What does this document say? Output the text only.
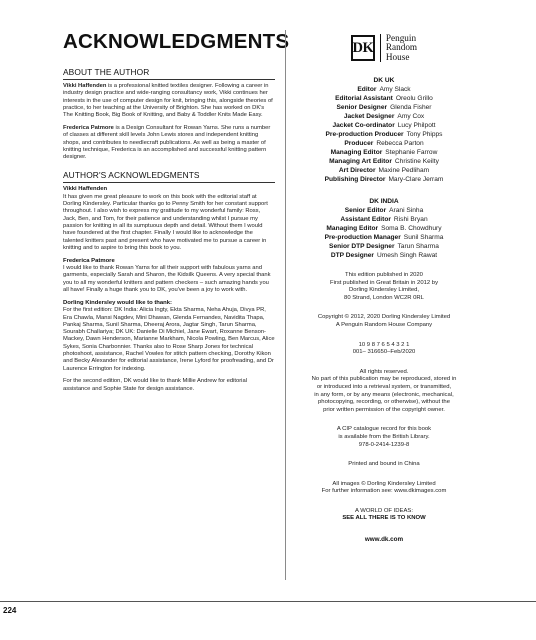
ACKNOWLEDGMENTS
ABOUT THE AUTHOR

Vikki Haffenden is a professional knitted textiles designer. Following a career in industry design practice and wide-ranging consultancy work, Vikki continues her interests in the use of computer design for knit, bringing this, alongside theories of practice, to her teaching at the University of Brighton. She has worked on DK's The Knitting Book, Big Book of Knitting, and Baby & Toddler Knits Made Easy.

Frederica Patmore is a Design Consultant for Rowan Yarns. She runs a number of classes at different skill levels John Lewis stores and independent knitting shops, and contributes to needlecraft publications. As well as being a master of knitting technique, Frederica is an accomplished and successful knitting pattern designer.

AUTHOR'S ACKNOWLEDGMENTS
Vikki Haffenden

It has given me great pleasure to work on this book with the editorial staff at Dorling Kindersley. Particular thanks go to Penny Smith for her constant support throughout. I also wish to express my gratitude to my wonderful family: Ross, Jack, Ben, and Tom, for their patience and understanding whilst I pursue my passion for knitting in all its sumptuous depth and detail. Without them I would have foundered at the first chapter. Finally I would like to acknowledge the talented knitters past and present who have motivated me to pursue a career in knitting and to aspire to bring this book to you.

Frederica Patmore

I would like to thank Rowan Yarns for all their support with fabulous yarns and garments, especially Sarah and Sharon, the Kidsilk Queens. A very special thank you to all my wonderful knitters and pattern checkers – such amazing hands you all have! Finally a huge thank you to DK, you've been a joy to work with.

Dorling Kindersley would like to thank:

For the first edition: DK India: Alicia Ingty, Ekta Sharma, Neha Ahuja, Divya PR, Era Chawla, Mansi Nagdev, Mini Dhawan, Glenda Fernandes, Navidita Thapa, Pankaj Sharma, Sunil Sharma, Dheeraj Arora, Jagtar Singh, Tarun Sharma, Sourabh Challariya; DK UK: Danielle Di Michiel, Jane Ewart, Roxanne Benson-Mackey, Dawn Henderson, Marianne Markham, Nicola Powling, Ben Marcus, Alice Sykes, Sonia Charbonnier. Thanks also to Rose Sharp Jones for technical photoshoot, assistance, Rachel Vowles for stitch pattern checking, Dorothy Kikon and Becky Alexander for editorial assistance, Irene Lyford for proofreading, and Dr Laurence Errington for indexing.

For the second edition, DK would like to thank Millie Andrew for editorial assistance and Sophie State for design assistance.

DK
Penguin
Random
House
DK UK
Editor Amy Slack
Editorial Assistant Oreolu Grillo
Senior Designer Glenda Fisher
Jacket Designer Amy Cox
Jacket Co-ordinator Lucy Philpott
Pre-production Producer Tony Phipps
Producer Rebecca Parton
Managing Editor Stephanie Farrow
Managing Art Editor Christine Keilty
Art Director Maxine Pedliham
Publishing Director Mary-Clare Jerram
DK INDIA
Senior Editor Arani Sinha
Assistant Editor Rishi Bryan
Managing Editor Soma B. Chowdhury
Pre-production Manager Sunil Sharma
Senior DTP Designer Tarun Sharma
DTP Designer Umesh Singh Rawat
This edition published in 2020
First published in Great Britain in 2012 by
Dorling Kindersley Limited,
80 Strand, London WC2R 0RL
Copyright © 2012, 2020 Dorling Kindersley Limited
A Penguin Random House Company
10 9 8 7 6 5 4 3 2 1
001– 316650–Feb/2020
All rights reserved.
No part of this publication may be reproduced, stored in
or introduced into a retrieval system, or transmitted,
in any form, or by any means (electronic, mechanical,
photocopying, recording, or otherwise), without the
prior written permission of the copyright owner.
A CIP catalogue record for this book
is available from the British Library.
978-0-2414-1239-8
Printed and bound in China
All images © Dorling Kindersley Limited
For further information see: www.dkimages.com
A WORLD OF IDEAS:
SEE ALL THERE IS TO KNOW
www.dk.com
224
